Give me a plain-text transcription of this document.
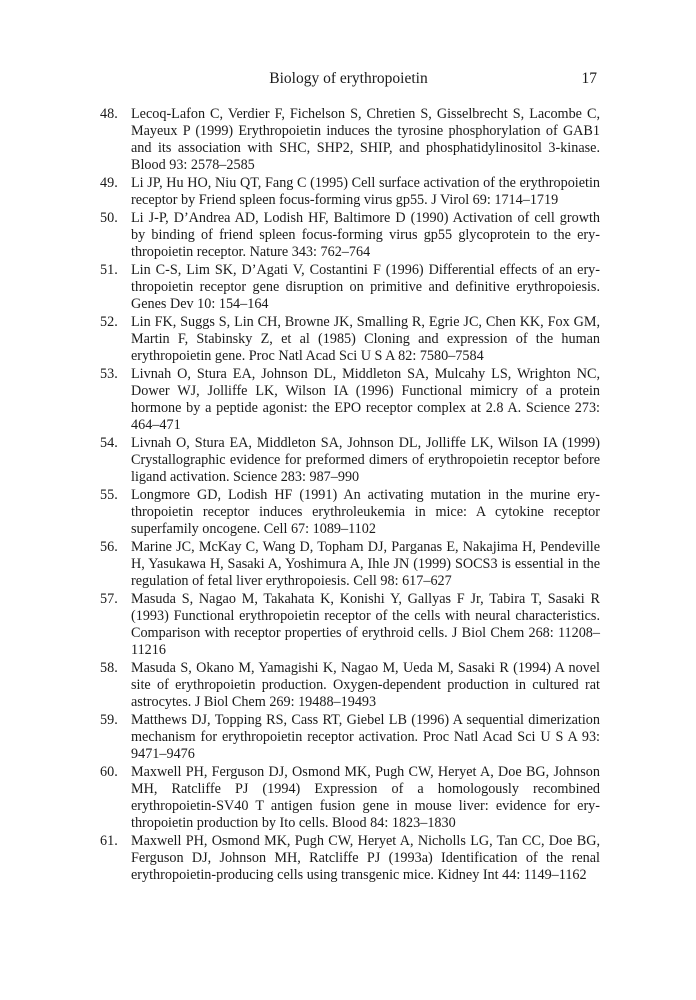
Biology of erythropoietin	17
48. Lecoq-Lafon C, Verdier F, Fichelson S, Chretien S, Gisselbrecht S, Lacombe C, Mayeux P (1999) Erythropoietin induces the tyrosine phosphorylation of GAB1 and its association with SHC, SHP2, SHIP, and phosphatidylinositol 3-kinase. Blood 93: 2578–2585
49. Li JP, Hu HO, Niu QT, Fang C (1995) Cell surface activation of the erythropoietin receptor by Friend spleen focus-forming virus gp55. J Virol 69: 1714–1719
50. Li J-P, D’Andrea AD, Lodish HF, Baltimore D (1990) Activation of cell growth by binding of friend spleen focus-forming virus gp55 glycoprotein to the erythropoietin receptor. Nature 343: 762–764
51. Lin C-S, Lim SK, D’Agati V, Costantini F (1996) Differential effects of an erythropoietin receptor gene disruption on primitive and definitive erythropoiesis. Genes Dev 10: 154–164
52. Lin FK, Suggs S, Lin CH, Browne JK, Smalling R, Egrie JC, Chen KK, Fox GM, Martin F, Stabinsky Z, et al (1985) Cloning and expression of the human erythropoietin gene. Proc Natl Acad Sci U S A 82: 7580–7584
53. Livnah O, Stura EA, Johnson DL, Middleton SA, Mulcahy LS, Wrighton NC, Dower WJ, Jolliffe LK, Wilson IA (1996) Functional mimicry of a protein hormone by a peptide agonist: the EPO receptor complex at 2.8 A. Science 273: 464–471
54. Livnah O, Stura EA, Middleton SA, Johnson DL, Jolliffe LK, Wilson IA (1999) Crystallographic evidence for preformed dimers of erythropoietin receptor before ligand activation. Science 283: 987–990
55. Longmore GD, Lodish HF (1991) An activating mutation in the murine erythropoietin receptor induces erythroleukemia in mice: A cytokine receptor superfamily oncogene. Cell 67: 1089–1102
56. Marine JC, McKay C, Wang D, Topham DJ, Parganas E, Nakajima H, Pendeville H, Yasukawa H, Sasaki A, Yoshimura A, Ihle JN (1999) SOCS3 is essential in the regulation of fetal liver erythropoiesis. Cell 98: 617–627
57. Masuda S, Nagao M, Takahata K, Konishi Y, Gallyas F Jr, Tabira T, Sasaki R (1993) Functional erythropoietin receptor of the cells with neural characteristics. Comparison with receptor properties of erythroid cells. J Biol Chem 268: 11208–11216
58. Masuda S, Okano M, Yamagishi K, Nagao M, Ueda M, Sasaki R (1994) A novel site of erythropoietin production. Oxygen-dependent production in cultured rat astrocytes. J Biol Chem 269: 19488–19493
59. Matthews DJ, Topping RS, Cass RT, Giebel LB (1996) A sequential dimerization mechanism for erythropoietin receptor activation. Proc Natl Acad Sci U S A 93: 9471–9476
60. Maxwell PH, Ferguson DJ, Osmond MK, Pugh CW, Heryet A, Doe BG, Johnson MH, Ratcliffe PJ (1994) Expression of a homologously recombined erythropoietin-SV40 T antigen fusion gene in mouse liver: evidence for erythropoietin production by Ito cells. Blood 84: 1823–1830
61. Maxwell PH, Osmond MK, Pugh CW, Heryet A, Nicholls LG, Tan CC, Doe BG, Ferguson DJ, Johnson MH, Ratcliffe PJ (1993a) Identification of the renal erythropoietin-producing cells using transgenic mice. Kidney Int 44: 1149–1162
